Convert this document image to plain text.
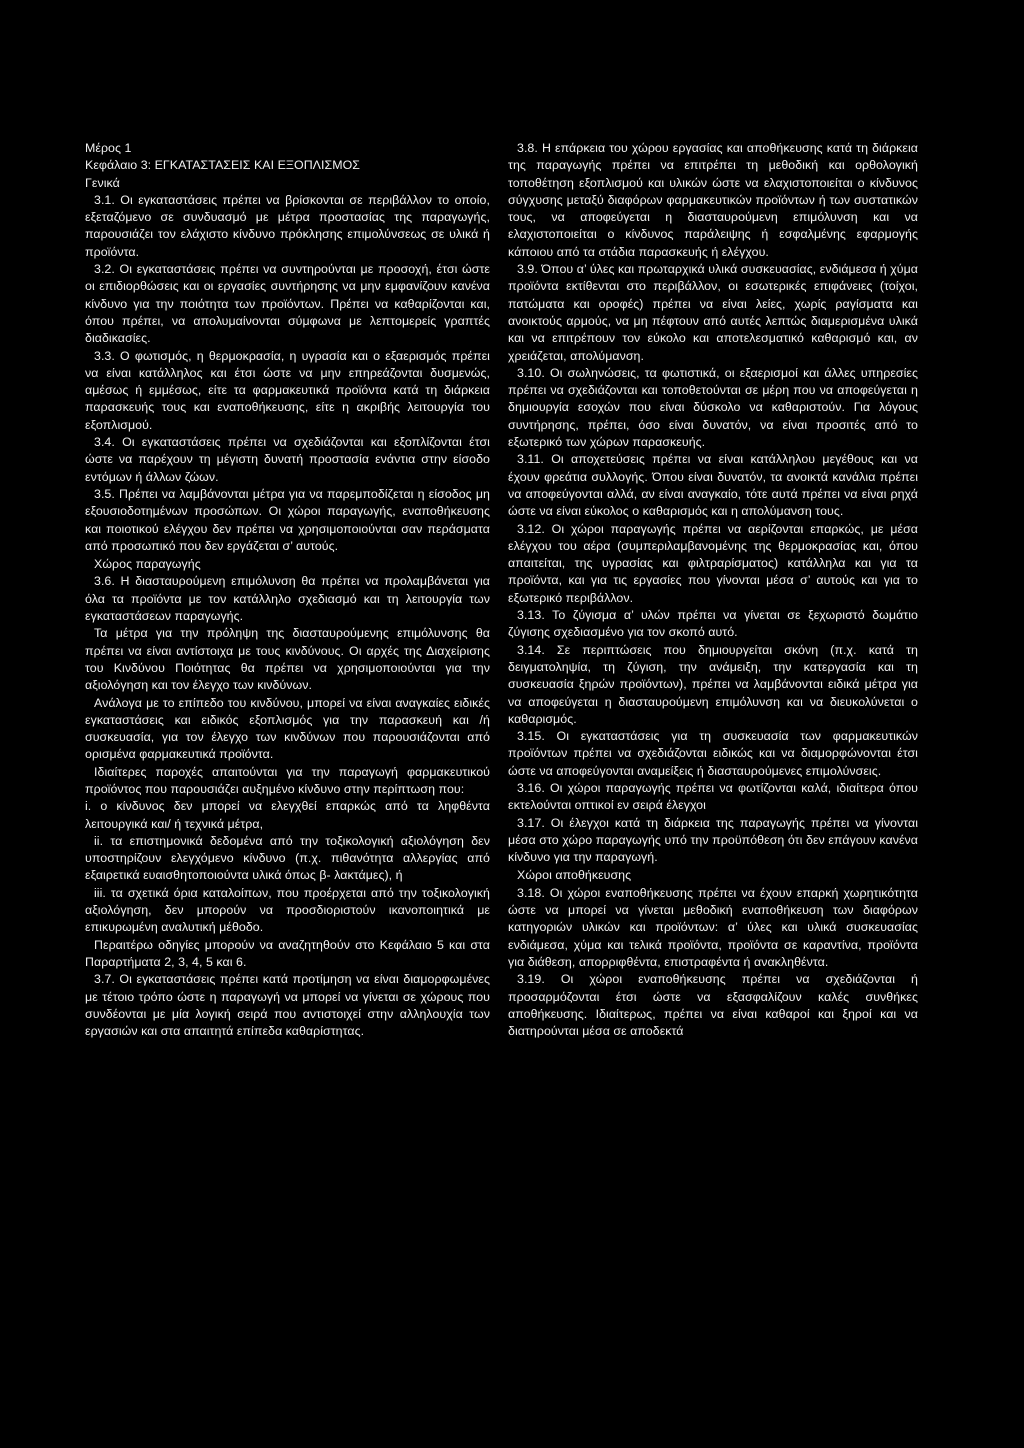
Μέρος 1

Κεφάλαιο 3: ΕΓΚΑΤΑΣΤΑΣΕΙΣ ΚΑΙ ΕΞΟΠΛΙΣΜΟΣ

Γενικά

3.1. Οι εγκαταστάσεις πρέπει να βρίσκονται σε περιβάλλον το οποίο, εξεταζόμενο σε συνδυασμό με μέτρα προστασίας της παραγωγής, παρουσιάζει τον ελάχιστο κίνδυνο πρόκλησης επιμολύνσεως σε υλικά ή προϊόντα.

3.2. Οι εγκαταστάσεις πρέπει να συντηρούνται με προσοχή, έτσι ώστε οι επιδιορθώσεις και οι εργασίες συντήρησης να μην εμφανίζουν κανένα κίνδυνο για την ποιότητα των προϊόντων. Πρέπει να καθαρίζονται και, όπου πρέπει, να απολυμαίνονται σύμφωνα με λεπτομερείς γραπτές διαδικασίες.

3.3. Ο φωτισμός, η θερμοκρασία, η υγρασία και ο εξαερισμός πρέπει να είναι κατάλληλος και έτσι ώστε να μην επηρεάζονται δυσμενώς, αμέσως ή εμμέσως, είτε τα φαρμακευτικά προϊόντα κατά τη διάρκεια παρασκευής τους και εναποθήκευσης, είτε η ακριβής λειτουργία του εξοπλισμού.

3.4. Οι εγκαταστάσεις πρέπει να σχεδιάζονται και εξοπλίζονται έτσι ώστε να παρέχουν τη μέγιστη δυνατή προστασία ενάντια στην είσοδο εντόμων ή άλλων ζώων.

3.5. Πρέπει να λαμβάνονται μέτρα για να παρεμποδίζεται η είσοδος μη εξουσιοδοτημένων προσώπων. Οι χώροι παραγωγής, εναποθήκευσης και ποιοτικού ελέγχου δεν πρέπει να χρησιμοποιούνται σαν περάσματα από προσωπικό που δεν εργάζεται σ’ αυτούς.

Χώρος παραγωγής

3.6. Η διασταυρούμενη επιμόλυνση θα πρέπει να προλαμβάνεται για όλα τα προϊόντα με τον κατάλληλο σχεδιασμό και τη λειτουργία των εγκαταστάσεων παραγωγής.

Τα μέτρα για την πρόληψη της διασταυρούμενης επιμόλυνσης θα πρέπει να είναι αντίστοιχα με τους κινδύνους. Οι αρχές της Διαχείρισης του Κινδύνου Ποιότητας θα πρέπει να χρησιμοποιούνται για την αξιολόγηση και τον έλεγχο των κινδύνων.

Ανάλογα με το επίπεδο του κινδύνου, μπορεί να είναι αναγκαίες ειδικές εγκαταστάσεις και ειδικός εξοπλισμός για την παρασκευή και /ή συσκευασία, για τον έλεγχο των κινδύνων που παρουσιάζονται από ορισμένα φαρμακευτικά προϊόντα.

Ιδιαίτερες παροχές απαιτούνται για την παραγωγή φαρμακευτικού προϊόντος που παρουσιάζει αυξημένο κίνδυνο στην περίπτωση που:

i. ο κίνδυνος δεν μπορεί να ελεγχθεί επαρκώς από τα ληφθέντα λειτουργικά και/ ή τεχνικά μέτρα,

ii. τα επιστημονικά δεδομένα από την τοξικολογική αξιολόγηση δεν υποστηρίζουν ελεγχόμενο κίνδυνο (π.χ. πιθανότητα αλλεργίας από εξαιρετικά ευαισθητοποιούντα υλικά όπως β- λακτάμες), ή

iii. τα σχετικά όρια καταλοίπων, που προέρχεται από την τοξικολογική αξιολόγηση, δεν μπορούν να προσδιοριστούν ικανοποιητικά με επικυρωμένη αναλυτική μέθοδο.

Περαιτέρω οδηγίες μπορούν να αναζητηθούν στο Κεφάλαιο 5 και στα Παραρτήματα 2, 3, 4, 5 και 6.

3.7. Οι εγκαταστάσεις πρέπει κατά προτίμηση να είναι διαμορφωμένες με τέτοιο τρόπο ώστε η παραγωγή να μπορεί να γίνεται σε χώρους που συνδέονται με μία λογική σειρά που αντιστοιχεί στην αλληλουχία των εργασιών και στα απαιτητά επίπεδα καθαρίστητας.

3.8. Η επάρκεια του χώρου εργασίας και αποθήκευσης κατά τη διάρκεια της παραγωγής πρέπει να επιτρέπει τη μεθοδική και ορθολογική τοποθέτηση εξοπλισμού και υλικών ώστε να ελαχιστοποιείται ο κίνδυνος σύγχυσης μεταξύ διαφόρων φαρμακευτικών προϊόντων ή των συστατικών τους, να αποφεύγεται η διασταυρούμενη επιμόλυνση και να ελαχιστοποιείται ο κίνδυνος παράλειψης ή εσφαλμένης εφαρμογής κάποιου από τα στάδια παρασκευής ή ελέγχου.

3.9. Όπου α’ ύλες και πρωταρχικά υλικά συσκευασίας, ενδιάμεσα ή χύμα προϊόντα εκτίθενται στο περιβάλλον, οι εσωτερικές επιφάνειες (τοίχοι, πατώματα και οροφές) πρέπει να είναι λείες, χωρίς ραγίσματα και ανοικτούς αρμούς, να μη πέφτουν από αυτές λεπτώς διαμερισμένα υλικά και να επιτρέπουν τον εύκολο και αποτελεσματικό καθαρισμό και, αν χρειάζεται, απολύμανση.

3.10. Οι σωληνώσεις, τα φωτιστικά, οι εξαερισμοί και άλλες υπηρεσίες πρέπει να σχεδιάζονται και τοποθετούνται σε μέρη που να αποφεύγεται η δημιουργία εσοχών που είναι δύσκολο να καθαριστούν. Για λόγους συντήρησης, πρέπει, όσο είναι δυνατόν, να είναι προσιτές από το εξωτερικό των χώρων παρασκευής.

3.11. Οι αποχετεύσεις πρέπει να είναι κατάλληλου μεγέθους και να έχουν φρεάτια συλλογής. Όπου είναι δυνατόν, τα ανοικτά κανάλια πρέπει να αποφεύγονται αλλά, αν είναι αναγκαίο, τότε αυτά πρέπει να είναι ρηχά ώστε να είναι εύκολος ο καθαρισμός και η απολύμανση τους.

3.12. Οι χώροι παραγωγής πρέπει να αερίζονται επαρκώς, με μέσα ελέγχου του αέρα (συμπεριλαμβανομένης της θερμοκρασίας και, όπου απαιτείται, της υγρασίας και φιλτραρίσματος) κατάλληλα και για τα προϊόντα, και για τις εργασίες που γίνονται μέσα σ’ αυτούς και για το εξωτερικό περιβάλλον.

3.13. Το ζύγισμα α’ υλών πρέπει να γίνεται σε ξεχωριστό δωμάτιο ζύγισης σχεδιασμένο για τον σκοπό αυτό.

3.14. Σε περιπτώσεις που δημιουργείται σκόνη (π.χ. κατά τη δειγματοληψία, τη ζύγιση, την ανάμειξη, την κατεργασία και τη συσκευασία ξηρών προϊόντων), πρέπει να λαμβάνονται ειδικά μέτρα για να αποφεύγεται η διασταυρούμενη επιμόλυνση και να διευκολύνεται ο καθαρισμός.

3.15. Οι εγκαταστάσεις για τη συσκευασία των φαρμακευτικών προϊόντων πρέπει να σχεδιάζονται ειδικώς και να διαμορφώνονται έτσι ώστε να αποφεύγονται αναμείξεις ή διασταυρούμενες επιμολύνσεις.

3.16. Οι χώροι παραγωγής πρέπει να φωτίζονται καλά, ιδιαίτερα όπου εκτελούνται οπτικοί εν σειρά έλεγχοι

3.17. Οι έλεγχοι κατά τη διάρκεια της παραγωγής πρέπει να γίνονται μέσα στο χώρο παραγωγής υπό την προϋπόθεση ότι δεν επάγουν κανένα κίνδυνο για την παραγωγή.

Χώροι αποθήκευσης

3.18. Οι χώροι εναποθήκευσης πρέπει να έχουν επαρκή χωρητικότητα ώστε να μπορεί να γίνεται μεθοδική εναποθήκευση των διαφόρων κατηγοριών υλικών και προϊόντων: α’ ύλες και υλικά συσκευασίας ενδιάμεσα, χύμα και τελικά προϊόντα, προϊόντα σε καραντίνα, προϊόντα για διάθεση, απορριφθέντα, επιστραφέντα ή ανακληθέντα.

3.19. Οι χώροι εναποθήκευσης πρέπει να σχεδιάζονται ή προσαρμόζονται έτσι ώστε να εξασφαλίζουν καλές συνθήκες αποθήκευσης. Ιδιαίτερως, πρέπει να είναι καθαροί και ξηροί και να διατηρούνται μέσα σε αποδεκτά
